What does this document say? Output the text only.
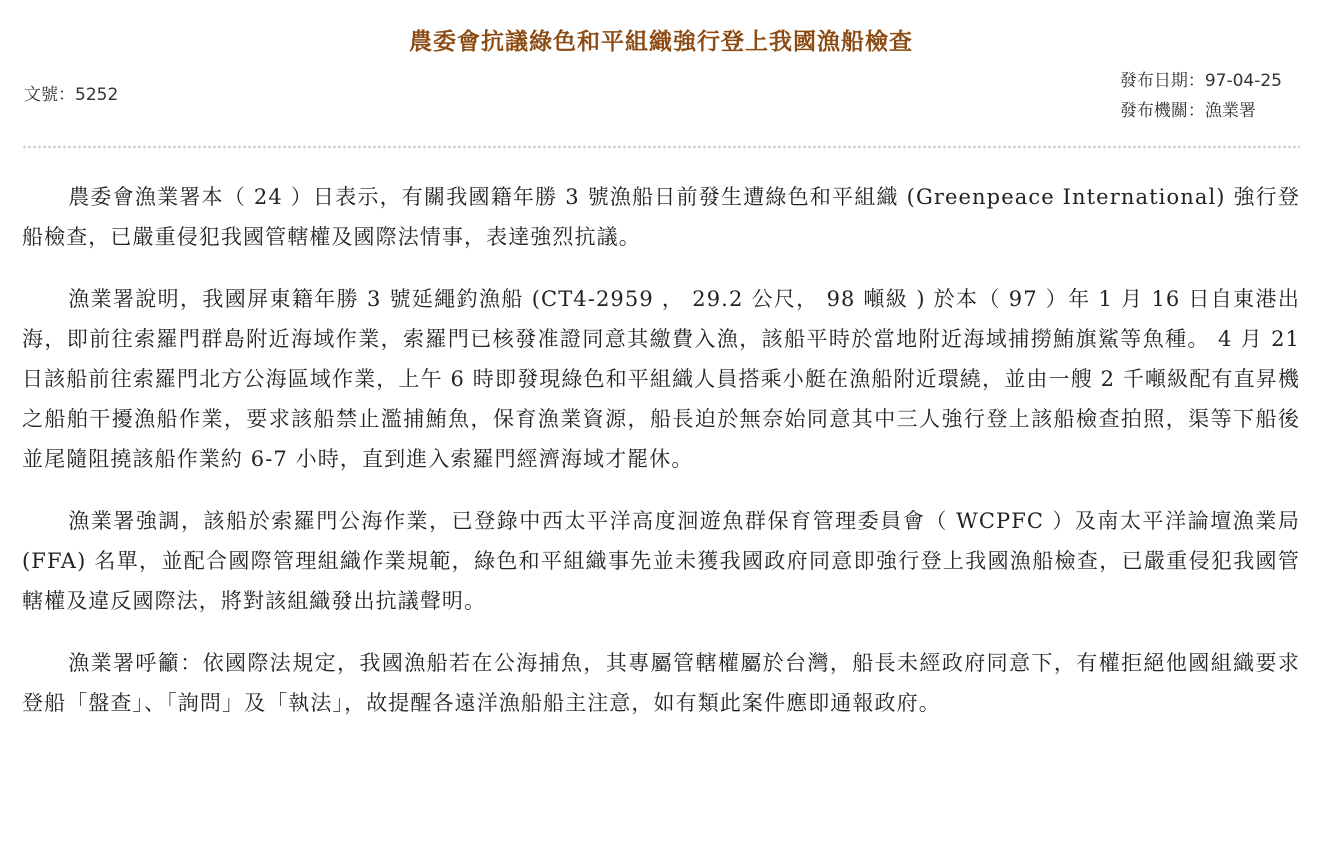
農委會抗議綠色和平組織強行登上我國漁船檢查
文號：5252
發布日期：97-04-25
發布機關：漁業署

農委會漁業署本（ 24 ）日表示，有關我國籍年勝 3 號漁船日前發生遭綠色和平組織 (Greenpeace International) 強行登船檢查，已嚴重侵犯我國管轄權及國際法情事，表達強烈抗議。

漁業署說明，我國屏東籍年勝 3 號延繩釣漁船 (CT4-2959 ， 29.2 公尺， 98 噸級 ) 於本（ 97 ）年 1 月 16 日自東港出海，即前往索羅門群島附近海域作業，索羅門已核發准證同意其繳費入漁，該船平時於當地附近海域捕撈鮪旗鯊等魚種。 4 月 21 日該船前往索羅門北方公海區域作業，上午 6 時即發現綠色和平組織人員搭乘小艇在漁船附近環繞，並由一艘 2 千噸級配有直昇機之船舶干擾漁船作業，要求該船禁止濫捕鮪魚，保育漁業資源，船長迫於無奈始同意其中三人強行登上該船檢查拍照，渠等下船後並尾隨阻撓該船作業約 6-7 小時，直到進入索羅門經濟海域才罷休。

漁業署強調，該船於索羅門公海作業，已登錄中西太平洋高度洄遊魚群保育管理委員會（ WCPFC ）及南太平洋論壇漁業局 (FFA) 名單，並配合國際管理組織作業規範，綠色和平組織事先並未獲我國政府同意即強行登上我國漁船檢查，已嚴重侵犯我國管轄權及違反國際法，將對該組織發出抗議聲明。

漁業署呼籲：依國際法規定，我國漁船若在公海捕魚，其專屬管轄權屬於台灣，船長未經政府同意下，有權拒絕他國組織要求登船「盤查」、「詢問」及「執法」，故提醒各遠洋漁船船主注意，如有類此案件應即通報政府。
